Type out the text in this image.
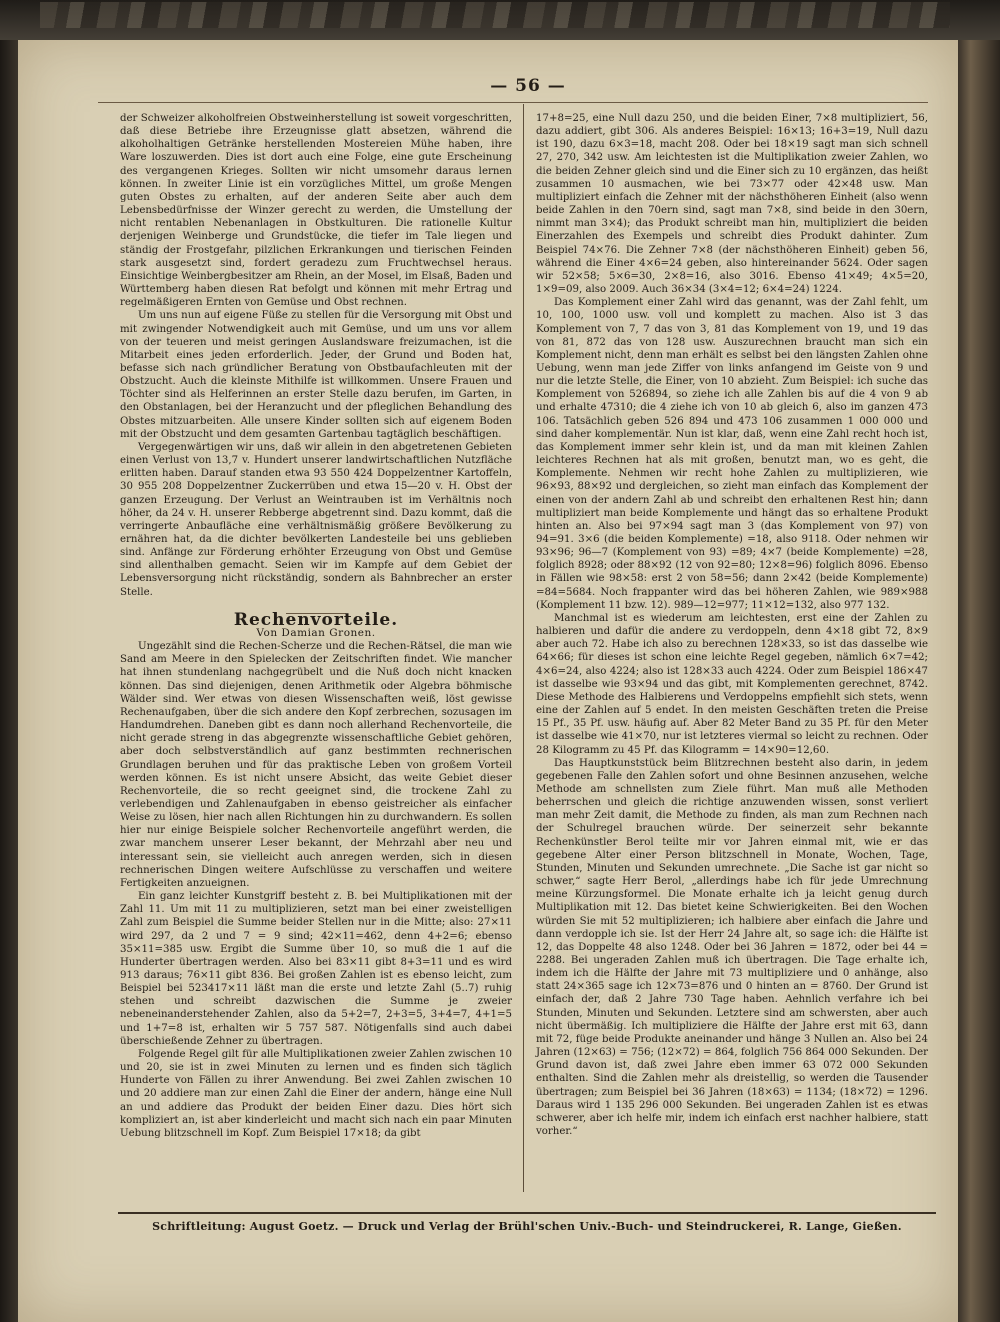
— 56 —

der Schweizer alkoholfreien Obstweinherstellung ist soweit vorgeschritten, daß diese Betriebe ihre Erzeugnisse glatt absetzen, während die alkoholhaltigen Getränke herstellenden Mostereien Mühe haben, ihre Ware loszuwerden. Dies ist dort auch eine Folge, eine gute Erscheinung des vergangenen Krieges. Sollten wir nicht umsomehr daraus lernen können. In zweiter Linie ist ein vorzügliches Mittel, um große Mengen guten Obstes zu erhalten, auf der anderen Seite aber auch dem Lebensbedürfnisse der Winzer gerecht zu werden, die Umstellung der nicht rentablen Nebenanlagen in Obstkulturen. Die rationelle Kultur derjenigen Weinberge und Grundstücke, die tiefer im Tale liegen und ständig der Frostgefahr, pilzlichen Erkrankungen und tierischen Feinden stark ausgesetzt sind, fordert geradezu zum Fruchtwechsel heraus. Einsichtige Weinbergbesitzer am Rhein, an der Mosel, im Elsaß, Baden und Württemberg haben diesen Rat befolgt und können mit mehr Ertrag und regelmäßigeren Ernten von Gemüse und Obst rechnen.

Um uns nun auf eigene Füße zu stellen für die Versorgung mit Obst und mit zwingender Notwendigkeit auch mit Gemüse, und um uns vor allem von der teueren und meist geringen Auslandsware freizumachen, ist die Mitarbeit eines jeden erforderlich. Jeder, der Grund und Boden hat, befasse sich nach gründlicher Beratung von Obstbaufachleuten mit der Obstzucht. Auch die kleinste Mithilfe ist willkommen. Unsere Frauen und Töchter sind als Helferinnen an erster Stelle dazu berufen, im Garten, in den Obstanlagen, bei der Heranzucht und der pfleglichen Behandlung des Obstes mitzuarbeiten. Alle unsere Kinder sollten sich auf eigenem Boden mit der Obstzucht und dem gesamten Gartenbau tagtäglich beschäftigen.

Vergegenwärtigen wir uns, daß wir allein in den abgetretenen Gebieten einen Verlust von 13,7 v. Hundert unserer landwirtschaftlichen Nutzfläche erlitten haben. Darauf standen etwa 93 550 424 Doppelzentner Kartoffeln, 30 955 208 Doppelzentner Zuckerrüben und etwa 15—20 v. H. Obst der ganzen Erzeugung. Der Verlust an Weintrauben ist im Verhältnis noch höher, da 24 v. H. unserer Rebberge abgetrennt sind. Dazu kommt, daß die verringerte Anbaufläche eine verhältnismäßig größere Bevölkerung zu ernähren hat, da die dichter bevölkerten Landesteile bei uns geblieben sind. Anfänge zur Förderung erhöhter Erzeugung von Obst und Gemüse sind allenthalben gemacht. Seien wir im Kampfe auf dem Gebiet der Lebensversorgung nicht rückständig, sondern als Bahnbrecher an erster Stelle.

Rechenvorteile.

Von Damian Gronen.

Ungezählt sind die Rechen-Scherze und die Rechen-Rätsel, die man wie Sand am Meere in den Spielecken der Zeitschriften findet. Wie mancher hat ihnen stundenlang nachgegrübelt und die Nuß doch nicht knacken können. Das sind diejenigen, denen Arithmetik oder Algebra böhmische Wälder sind. Wer etwas von diesen Wissenschaften weiß, löst gewisse Rechenaufgaben, über die sich andere den Kopf zerbrechen, sozusagen im Handumdrehen. Daneben gibt es dann noch allerhand Rechenvorteile, die nicht gerade streng in das abgegrenzte wissenschaftliche Gebiet gehören, aber doch selbstverständlich auf ganz bestimmten rechnerischen Grundlagen beruhen und für das praktische Leben von großem Vorteil werden können. Es ist nicht unsere Absicht, das weite Gebiet dieser Rechenvorteile, die so recht geeignet sind, die trockene Zahl zu verlebendigen und Zahlenaufgaben in ebenso geistreicher als einfacher Weise zu lösen, hier nach allen Richtungen hin zu durchwandern. Es sollen hier nur einige Beispiele solcher Rechenvorteile angeführt werden, die zwar manchem unserer Leser bekannt, der Mehrzahl aber neu und interessant sein, sie vielleicht auch anregen werden, sich in diesen rechnerischen Dingen weitere Aufschlüsse zu verschaffen und weitere Fertigkeiten anzueignen.

Ein ganz leichter Kunstgriff besteht z. B. bei Multiplikationen mit der Zahl 11. Um mit 11 zu multiplizieren, setzt man bei einer zweistelligen Zahl zum Beispiel die Summe beider Stellen nur in die Mitte; also: 27×11 wird 297, da 2 und 7 = 9 sind; 42×11=462, denn 4+2=6; ebenso 35×11=385 usw. Ergibt die Summe über 10, so muß die 1 auf die Hunderter übertragen werden. Also bei 83×11 gibt 8+3=11 und es wird 913 daraus; 76×11 gibt 836. Bei großen Zahlen ist es ebenso leicht, zum Beispiel bei 523417×11 läßt man die erste und letzte Zahl (5..7) ruhig stehen und schreibt dazwischen die Summe je zweier nebeneinanderstehender Zahlen, also da 5+2=7, 2+3=5, 3+4=7, 4+1=5 und 1+7=8 ist, erhalten wir 5 757 587. Nötigenfalls sind auch dabei überschießende Zehner zu übertragen.

Folgende Regel gilt für alle Multiplikationen zweier Zahlen zwischen 10 und 20, sie ist in zwei Minuten zu lernen und es finden sich täglich Hunderte von Fällen zu ihrer Anwendung. Bei zwei Zahlen zwischen 10 und 20 addiere man zur einen Zahl die Einer der andern, hänge eine Null an und addiere das Produkt der beiden Einer dazu. Dies hört sich kompliziert an, ist aber kinderleicht und macht sich nach ein paar Minuten Uebung blitzschnell im Kopf. Zum Beispiel 17×18; da gibt

17+8=25, eine Null dazu 250, und die beiden Einer, 7×8 multipliziert, 56, dazu addiert, gibt 306. Als anderes Beispiel: 16×13; 16+3=19, Null dazu ist 190, dazu 6×3=18, macht 208. Oder bei 18×19 sagt man sich schnell 27, 270, 342 usw. Am leichtesten ist die Multiplikation zweier Zahlen, wo die beiden Zehner gleich sind und die Einer sich zu 10 ergänzen, das heißt zusammen 10 ausmachen, wie bei 73×77 oder 42×48 usw. Man multipliziert einfach die Zehner mit der nächsthöheren Einheit (also wenn beide Zahlen in den 70ern sind, sagt man 7×8, sind beide in den 30ern, nimmt man 3×4); das Produkt schreibt man hin, multipliziert die beiden Einerzahlen des Exempels und schreibt dies Produkt dahinter. Zum Beispiel 74×76. Die Zehner 7×8 (der nächsthöheren Einheit) geben 56, während die Einer 4×6=24 geben, also hintereinander 5624. Oder sagen wir 52×58; 5×6=30, 2×8=16, also 3016. Ebenso 41×49; 4×5=20, 1×9=09, also 2009. Auch 36×34 (3×4=12; 6×4=24) 1224.

Das Komplement einer Zahl wird das genannt, was der Zahl fehlt, um 10, 100, 1000 usw. voll und komplett zu machen. Also ist 3 das Komplement von 7, 7 das von 3, 81 das Komplement von 19, und 19 das von 81, 872 das von 128 usw. Auszurechnen braucht man sich ein Komplement nicht, denn man erhält es selbst bei den längsten Zahlen ohne Uebung, wenn man jede Ziffer von links anfangend im Geiste von 9 und nur die letzte Stelle, die Einer, von 10 abzieht. Zum Beispiel: ich suche das Komplement von 526894, so ziehe ich alle Zahlen bis auf die 4 von 9 ab und erhalte 47310; die 4 ziehe ich von 10 ab gleich 6, also im ganzen 473 106. Tatsächlich geben 526 894 und 473 106 zusammen 1 000 000 und sind daher komplementär. Nun ist klar, daß, wenn eine Zahl recht hoch ist, das Komplement immer sehr klein ist, und da man mit kleinen Zahlen leichteres Rechnen hat als mit großen, benutzt man, wo es geht, die Komplemente. Nehmen wir recht hohe Zahlen zu multiplizieren, wie 96×93, 88×92 und dergleichen, so zieht man einfach das Komplement der einen von der andern Zahl ab und schreibt den erhaltenen Rest hin; dann multipliziert man beide Komplemente und hängt das so erhaltene Produkt hinten an. Also bei 97×94 sagt man 3 (das Komplement von 97) von 94=91. 3×6 (die beiden Komplemente) =18, also 9118. Oder nehmen wir 93×96; 96—7 (Komplement von 93) =89; 4×7 (beide Komplemente) =28, folglich 8928; oder 88×92 (12 von 92=80; 12×8=96) folglich 8096. Ebenso in Fällen wie 98×58: erst 2 von 58=56; dann 2×42 (beide Komplemente) =84=5684. Noch frappanter wird das bei höheren Zahlen, wie 989×988 (Komplement 11 bzw. 12). 989—12=977; 11×12=132, also 977 132.

Manchmal ist es wiederum am leichtesten, erst eine der Zahlen zu halbieren und dafür die andere zu verdoppeln, denn 4×18 gibt 72, 8×9 aber auch 72. Habe ich also zu berechnen 128×33, so ist das dasselbe wie 64×66; für dieses ist schon eine leichte Regel gegeben, nämlich 6×7=42; 4×6=24, also 4224; also ist 128×33 auch 4224. Oder zum Beispiel 186×47 ist dasselbe wie 93×94 und das gibt, mit Komplementen gerechnet, 8742. Diese Methode des Halbierens und Verdoppelns empfiehlt sich stets, wenn eine der Zahlen auf 5 endet. In den meisten Geschäften treten die Preise 15 Pf., 35 Pf. usw. häufig auf. Aber 82 Meter Band zu 35 Pf. für den Meter ist dasselbe wie 41×70, nur ist letzteres viermal so leicht zu rechnen. Oder 28 Kilogramm zu 45 Pf. das Kilogramm = 14×90=12,60.

Das Hauptkunststück beim Blitzrechnen besteht also darin, in jedem gegebenen Falle den Zahlen sofort und ohne Besinnen anzusehen, welche Methode am schnellsten zum Ziele führt. Man muß alle Methoden beherrschen und gleich die richtige anzuwenden wissen, sonst verliert man mehr Zeit damit, die Methode zu finden, als man zum Rechnen nach der Schulregel brauchen würde. Der seinerzeit sehr bekannte Rechenkünstler Berol teilte mir vor Jahren einmal mit, wie er das gegebene Alter einer Person blitzschnell in Monate, Wochen, Tage, Stunden, Minuten und Sekunden umrechnete. „Die Sache ist gar nicht so schwer,“ sagte Herr Berol, „allerdings habe ich für jede Umrechnung meine Kürzungsformel. Die Monate erhalte ich ja leicht genug durch Multiplikation mit 12. Das bietet keine Schwierigkeiten. Bei den Wochen würden Sie mit 52 multiplizieren; ich halbiere aber einfach die Jahre und dann verdopple ich sie. Ist der Herr 24 Jahre alt, so sage ich: die Hälfte ist 12, das Doppelte 48 also 1248. Oder bei 36 Jahren = 1872, oder bei 44 = 2288. Bei ungeraden Zahlen muß ich übertragen. Die Tage erhalte ich, indem ich die Hälfte der Jahre mit 73 multipliziere und 0 anhänge, also statt 24×365 sage ich 12×73=876 und 0 hinten an = 8760. Der Grund ist einfach der, daß 2 Jahre 730 Tage haben. Aehnlich verfahre ich bei Stunden, Minuten und Sekunden. Letztere sind am schwersten, aber auch nicht übermäßig. Ich multipliziere die Hälfte der Jahre erst mit 63, dann mit 72, füge beide Produkte aneinander und hänge 3 Nullen an. Also bei 24 Jahren (12×63) = 756; (12×72) = 864, folglich 756 864 000 Sekunden. Der Grund davon ist, daß zwei Jahre eben immer 63 072 000 Sekunden enthalten. Sind die Zahlen mehr als dreistellig, so werden die Tausender übertragen; zum Beispiel bei 36 Jahren (18×63) = 1134; (18×72) = 1296. Daraus wird 1 135 296 000 Sekunden. Bei ungeraden Zahlen ist es etwas schwerer, aber ich helfe mir, indem ich einfach erst nachher halbiere, statt vorher.“

Schriftleitung: August Goetz. — Druck und Verlag der Brühl'schen Univ.-Buch- und Steindruckerei, R. Lange, Gießen.
